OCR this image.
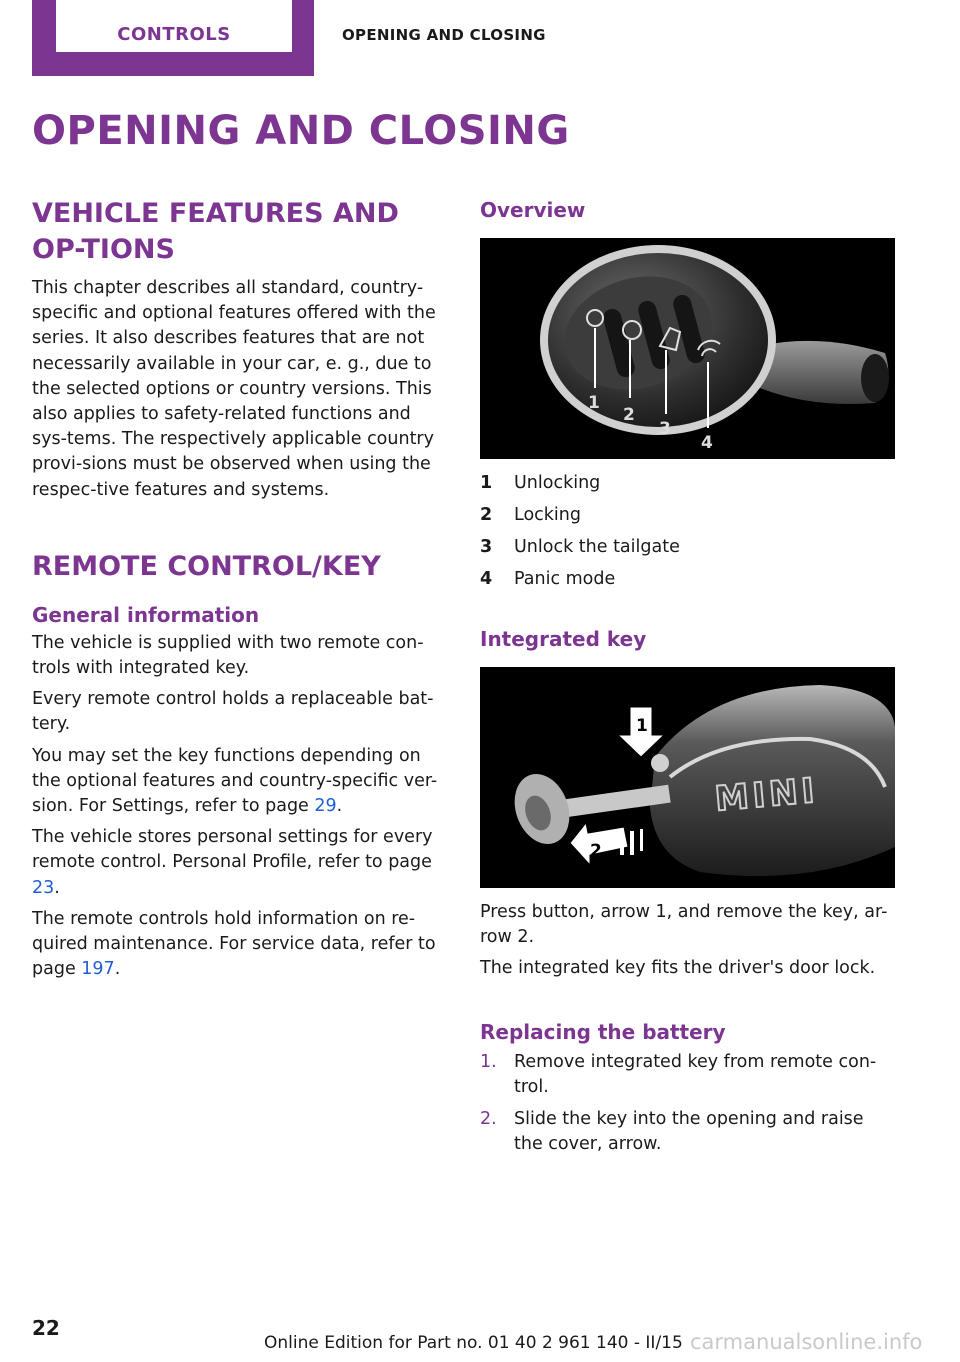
CONTROLS	OPENING AND CLOSING
OPENING AND CLOSING
VEHICLE FEATURES AND OP-TIONS

This chapter describes all standard, country-specific and optional features offered with the series. It also describes features that are not necessarily available in your car, e. g., due to the selected options or country versions. This also applies to safety-related functions and sys-tems. The respectively applicable country provi-sions must be observed when using the respec-tive features and systems.

REMOTE CONTROL/KEY
General information

The vehicle is supplied with two remote con-trols with integrated key.

Every remote control holds a replaceable bat-tery.

You may set the key functions depending on the optional features and country-specific ver-sion. For Settings, refer to page 29.

The vehicle stores personal settings for every remote control. Personal Profile, refer to page 23.

The remote controls hold information on re-quired maintenance. For service data, refer to page 197.

Overview
1
2
3
4
1	Unlocking
2	Locking
3	Unlock the tailgate
4	Panic mode
Integrated key
MINI
1
2

Press button, arrow 1, and remove the key, ar-row 2.

The integrated key fits the driver's door lock.

Replacing the battery
1. Remove integrated key from remote con-trol.
2. Slide the key into the opening and raise the cover, arrow.
22
Online Edition for Part no. 01 40 2 961 140 - II/15 carmanualsonline.info
